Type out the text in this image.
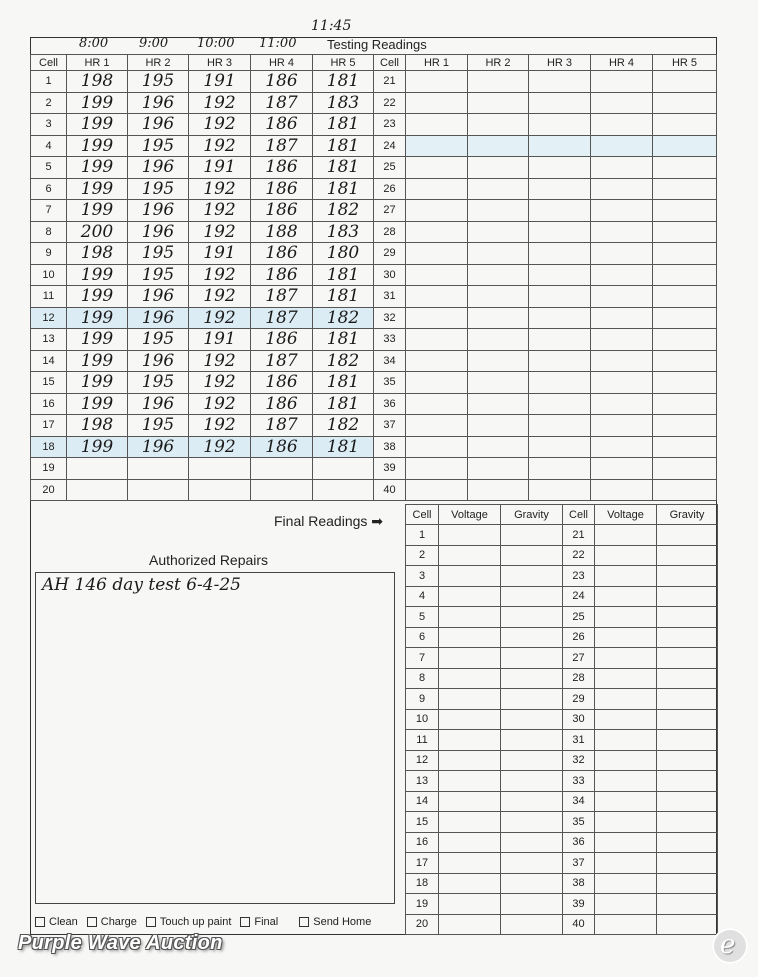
11:45
8:00 9:00 10:00 11:00 Testing Readings
Cell	HR 1	HR 2	HR 3	HR 4	HR 5	Cell	HR 1	HR 2	HR 3	HR 4	HR 5
1	198	195	191	186	181	21					
2	199	196	192	187	183	22					
3	199	196	192	186	181	23					
4	199	195	192	187	181	24					
5	199	196	191	186	181	25					
6	199	195	192	186	181	26					
7	199	196	192	186	182	27					
8	200	196	192	188	183	28					
9	198	195	191	186	180	29					
10	199	195	192	186	181	30					
11	199	196	192	187	181	31					
12	199	196	192	187	182	32					
13	199	195	191	186	181	33					
14	199	196	192	187	182	34					
15	199	195	192	186	181	35					
16	199	196	192	186	181	36					
17	198	195	192	187	182	37					
18	199	196	192	186	181	38					
19						39					
20						40					
Final Readings ➡	Cell	Voltage	Gravity	Cell	Voltage	Gravity
1			21		
2			22		
3			23		
4			24		
5			25		
6			26		
7			27		
8			28		
9			29		
10			30		
11			31		
12			32		
13			33		
14			34		
15			35		
16			36		
17			37		
18			38		
19			39		
20			40		
Authorized Repairs
AH 146 day test 6-4-25
Clean Charge Touch up paint Final	Send Home
Purple Wave Auction	e
